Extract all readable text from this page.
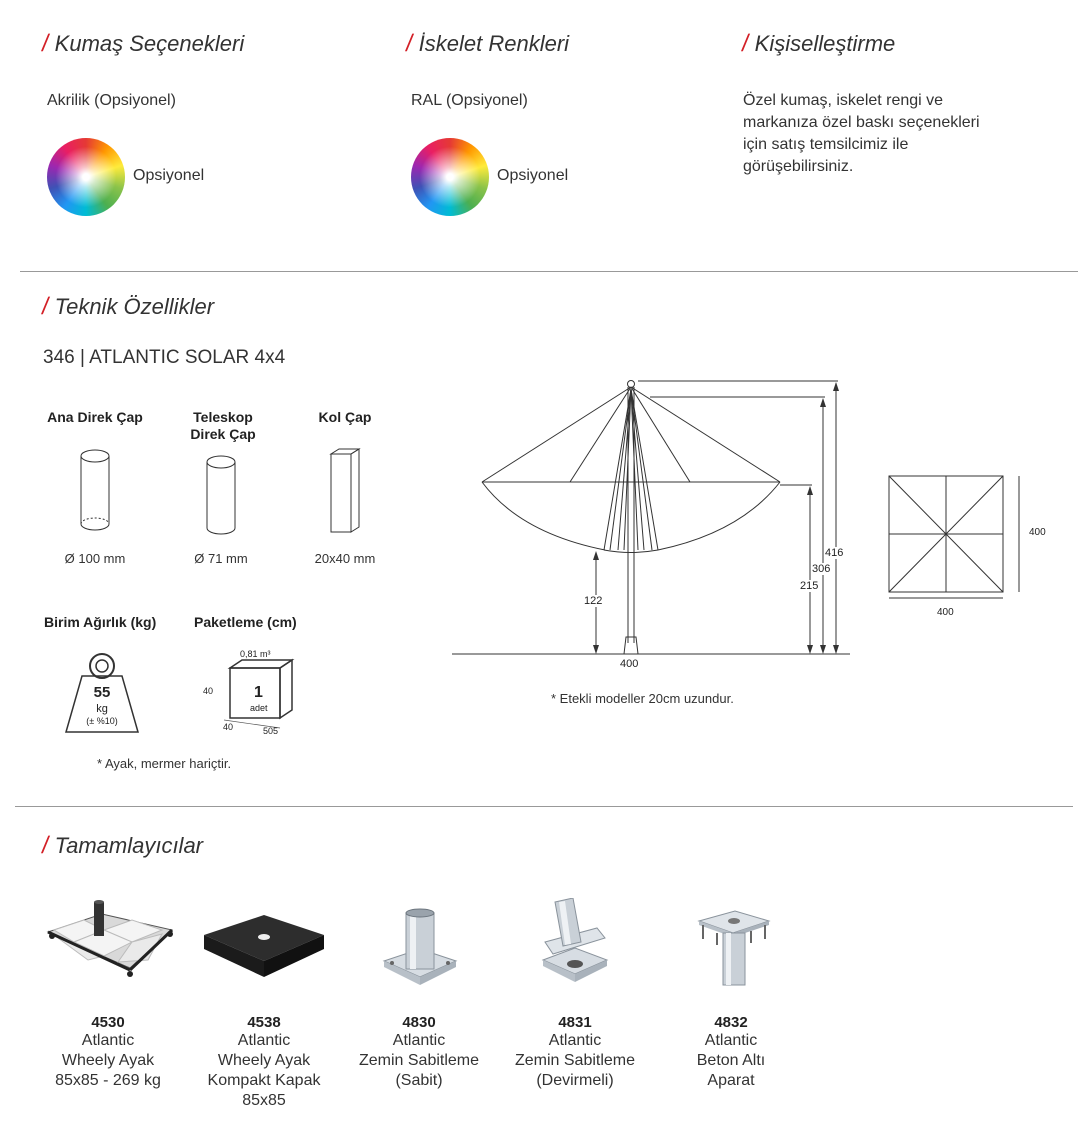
/ Kumaş Seçenekleri
Akrilik (Opsiyonel)
Opsiyonel
/ İskelet Renkleri
RAL (Opsiyonel)
Opsiyonel
/ Kişiselleştirme
Özel kumaş, iskelet rengi ve
markanıza özel baskı seçenekleri
için satış temsilcimiz ile
görüşebilirsiniz.
/ Teknik Özellikler
346 | ATLANTIC SOLAR 4x4
Ana Direk Çap	Teleskop
Direk Çap
Kol Çap
Ø 100 mm	Ø 71 mm	20x40 mm
Birim Ağırlık (kg)	Paketleme (cm)
55
kg
(± %10)
0,81 m³
1
adet
40
40	505
* Ayak, mermer hariçtir.
122
215
306
416
400
* Etekli modeller 20cm uzundur.
400
400
/ Tamamlayıcılar
4530
Atlantic
Wheely Ayak
85x85 - 269 kg
4538
Atlantic
Wheely Ayak
Kompakt Kapak
85x85
4830
Atlantic
Zemin Sabitleme
(Sabit)
4831
Atlantic
Zemin Sabitleme
(Devirmeli)
4832
Atlantic
Beton Altı
Aparat
